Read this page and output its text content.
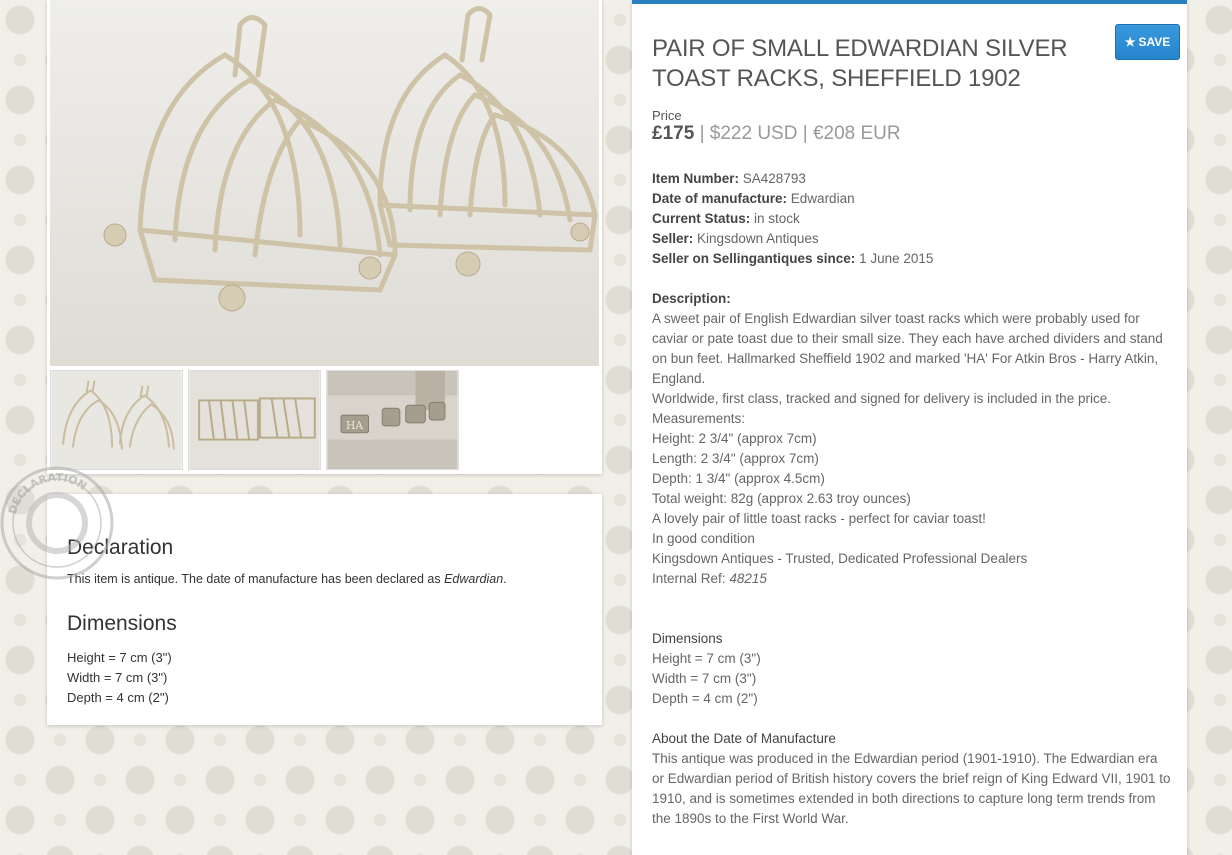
HA
Declaration
This item is antique. The date of manufacture has been declared as Edwardian.
Dimensions
Height = 7 cm (3")
Width = 7 cm (3")
Depth = 4 cm (2")
DECLARATION
PAIR OF SMALL EDWARDIAN SILVER TOAST RACKS, SHEFFIELD 1902
★ SAVE
Price
£175 | $222 USD | €208 EUR
Item Number: SA428793
Date of manufacture: Edwardian
Current Status: in stock
Seller: Kingsdown Antiques
Seller on Sellingantiques since: 1 June 2015
Description:

A sweet pair of English Edwardian silver toast racks which were probably used for caviar or pate toast due to their small size. They each have arched dividers and stand on bun feet. Hallmarked Sheffield 1902 and marked 'HA' For Atkin Bros - Harry Atkin, England.

Worldwide, first class, tracked and signed for delivery is included in the price.

Measurements:

Height: 2 3/4" (approx 7cm)

Length: 2 3/4" (approx 7cm)

Depth: 1 3/4" (approx 4.5cm)

Total weight: 82g (approx 2.63 troy ounces)

A lovely pair of little toast racks - perfect for caviar toast!

In good condition

Kingsdown Antiques - Trusted, Dedicated Professional Dealers

Internal Ref: 48215

Dimensions
Height = 7 cm (3")
Width = 7 cm (3")
Depth = 4 cm (2")
About the Date of Manufacture

This antique was produced in the Edwardian period (1901-1910). The Edwardian era or Edwardian period of British history covers the brief reign of King Edward VII, 1901 to 1910, and is sometimes extended in both directions to capture long term trends from the 1890s to the First World War.
